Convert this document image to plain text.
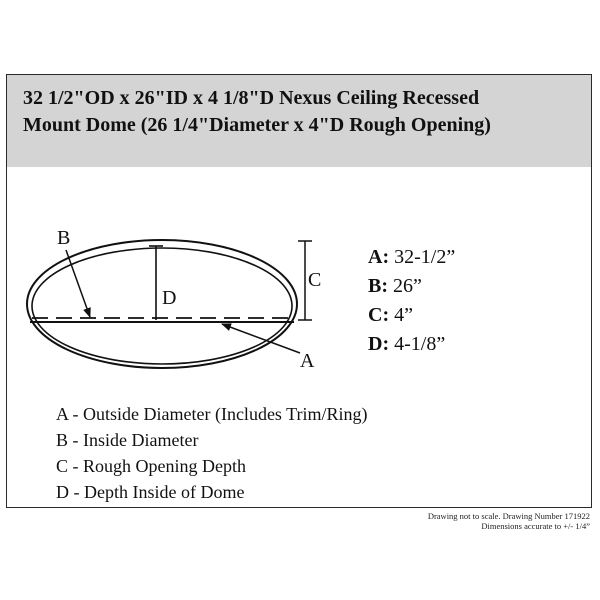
32 1/2"OD x 26"ID x 4 1/8"D Nexus Ceiling Recessed
Mount Dome (26 1/4"Diameter x 4"D Rough Opening)
D
C
B
A
A: 32-1/2”
B: 26”
C: 4”
D: 4-1/8”
A - Outside Diameter (Includes Trim/Ring)
B - Inside Diameter
C - Rough Opening Depth
D - Depth Inside of Dome
Drawing not to scale. Drawing Number 171922
Dimensions accurate to +/- 1/4”
